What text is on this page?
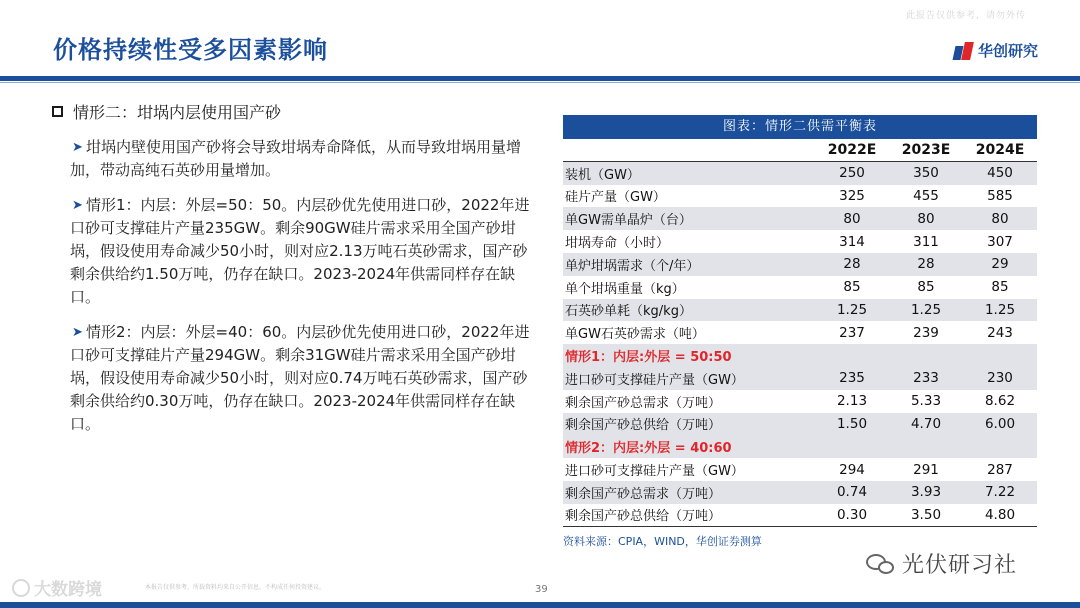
此报告仅供参考，请勿外传
价格持续性受多因素影响	华创研究
情形二：坩埚内层使用国产砂
➤ 坩埚内壁使用国产砂将会导致坩埚寿命降低，从而导致坩埚用量增加，带动高纯石英砂用量增加。
➤ 情形1：内层：外层=50：50。内层砂优先使用进口砂，2022年进口砂可支撑硅片产量235GW。剩余90GW硅片需求采用全国产砂坩埚，假设使用寿命减少50小时，则对应2.13万吨石英砂需求，国产砂剩余供给约1.50万吨，仍存在缺口。2023-2024年供需同样存在缺口。
➤ 情形2：内层：外层=40：60。内层砂优先使用进口砂，2022年进口砂可支撑硅片产量294GW。剩余31GW硅片需求采用全国产砂坩埚，假设使用寿命减少50小时，则对应0.74万吨石英砂需求，国产砂剩余供给约0.30万吨，仍存在缺口。2023-2024年供需同样存在缺口。
图表：情形二供需平衡表
	2022E	2023E	2024E
装机（GW）	250	350	450
硅片产量（GW）	325	455	585
单GW需单晶炉（台）	80	80	80
坩埚寿命（小时）	314	311	307
单炉坩埚需求（个/年）	28	28	29
单个坩埚重量（kg）	85	85	85
石英砂单耗（kg/kg）	1.25	1.25	1.25
单GW石英砂需求（吨）	237	239	243
情形1：内层:外层 = 50:50			
进口砂可支撑硅片产量（GW）	235	233	230
剩余国产砂总需求（万吨）	2.13	5.33	8.62
剩余国产砂总供给（万吨）	1.50	4.70	6.00
情形2：内层:外层 = 40:60			
进口砂可支撑硅片产量（GW）	294	291	287
剩余国产砂总需求（万吨）	0.74	3.93	7.22
剩余国产砂总供给（万吨）	0.30	3.50	4.80
资料来源：CPIA，WIND，华创证券测算
大数跨境	本报告仅供参考，所载资料均来自公开信息，不构成任何投资建议。	39
光伏研习社
